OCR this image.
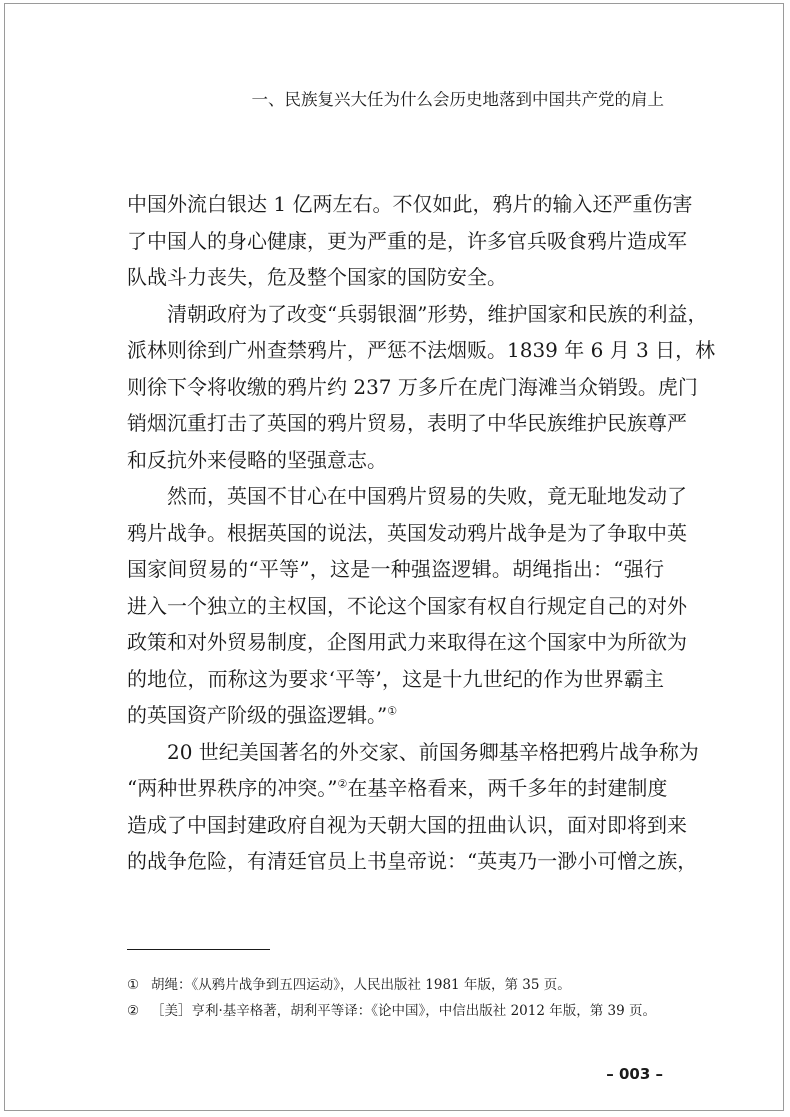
一、民族复兴大任为什么会历史地落到中国共产党的肩上

中国外流白银达 1 亿两左右。不仅如此，鸦片的输入还严重伤害
了中国人的身心健康，更为严重的是，许多官兵吸食鸦片造成军
队战斗力丧失，危及整个国家的国防安全。

清朝政府为了改变“兵弱银涸”形势，维护国家和民族的利益，
派林则徐到广州查禁鸦片，严惩不法烟贩。1839 年 6 月 3 日，林
则徐下令将收缴的鸦片约 237 万多斤在虎门海滩当众销毁。虎门
销烟沉重打击了英国的鸦片贸易，表明了中华民族维护民族尊严
和反抗外来侵略的坚强意志。

然而，英国不甘心在中国鸦片贸易的失败，竟无耻地发动了
鸦片战争。根据英国的说法，英国发动鸦片战争是为了争取中英
国家间贸易的“平等”，这是一种强盗逻辑。胡绳指出：“强行
进入一个独立的主权国，不论这个国家有权自行规定自己的对外
政策和对外贸易制度，企图用武力来取得在这个国家中为所欲为
的地位，而称这为要求‘平等’，这是十九世纪的作为世界霸主
的英国资产阶级的强盗逻辑。”①

20 世纪美国著名的外交家、前国务卿基辛格把鸦片战争称为
“两种世界秩序的冲突。”②在基辛格看来，两千多年的封建制度
造成了中国封建政府自视为天朝大国的扭曲认识，面对即将到来
的战争危险，有清廷官员上书皇帝说：“英夷乃一渺小可憎之族，

① 胡绳：《从鸦片战争到五四运动》，人民出版社 1981 年版，第 35 页。

② ［美］亨利·基辛格著，胡利平等译：《论中国》，中信出版社 2012 年版，第 39 页。

– 003 –
